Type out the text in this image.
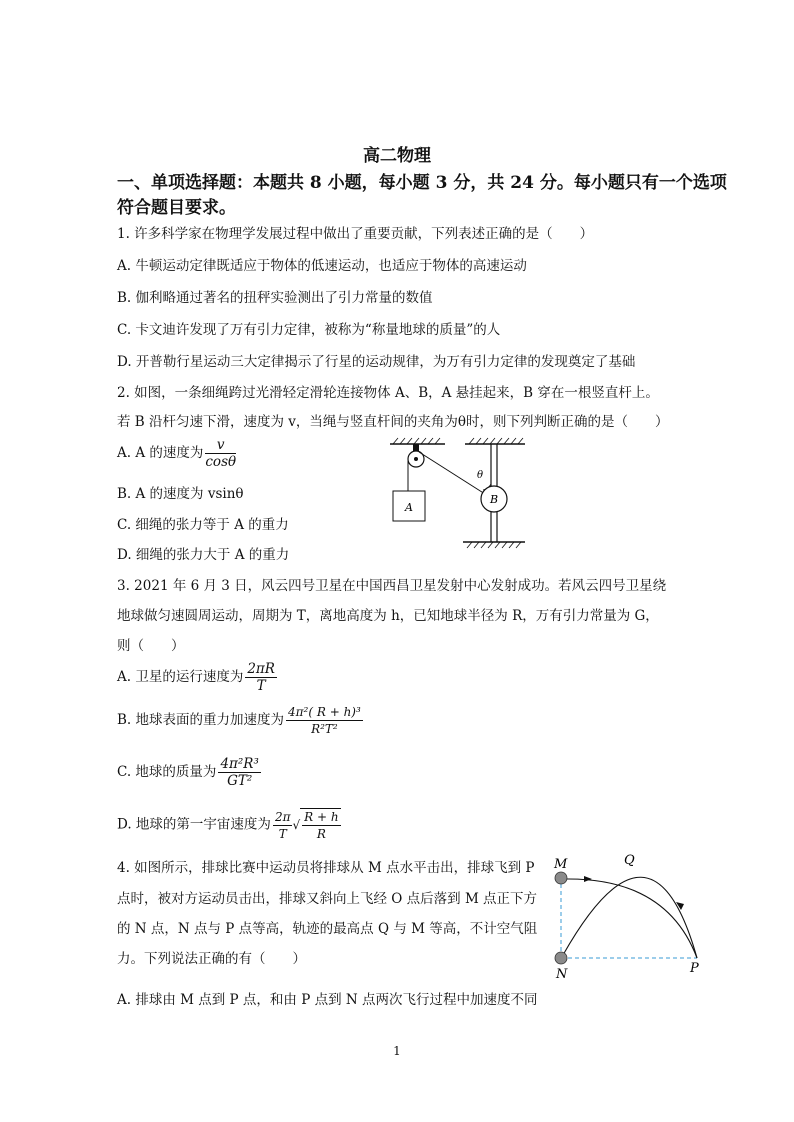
高二物理
一、单项选择题：本题共 8 小题，每小题 3 分，共 24 分。每小题只有一个选项
符合题目要求。
1. 许多科学家在物理学发展过程中做出了重要贡献，下列表述正确的是（　　）
A. 牛顿运动定律既适应于物体的低速运动，也适应于物体的高速运动
B. 伽利略通过著名的扭秤实验测出了引力常量的数值
C. 卡文迪许发现了万有引力定律，被称为“称量地球的质量”的人
D. 开普勒行星运动三大定律揭示了行星的运动规律，为万有引力定律的发现奠定了基础
2. 如图，一条细绳跨过光滑轻定滑轮连接物体 A、B，A 悬挂起来，B 穿在一根竖直杆上。
若 B 沿杆匀速下滑，速度为 v，当绳与竖直杆间的夹角为θ时，则下列判断正确的是（　　）
A. A 的速度为 $\frac{v}{\cos\theta}$
B. A 的速度为 vsinθ
C. 细绳的张力等于 A 的重力
D. 细绳的张力大于 A 的重力
A
θ
B
3. 2021 年 6 月 3 日，风云四号卫星在中国西昌卫星发射中心发射成功。若风云四号卫星绕
地球做匀速圆周运动，周期为 T，离地高度为 h，已知地球半径为 R，万有引力常量为 G，
则（　　）
A. 卫星的运行速度为 $\frac{2\pi R}{T}$
B. 地球表面的重力加速度为 $\frac{\text{4π²( R + h)³}}{\text{R²T²}}$
C. 地球的质量为 $\frac{\text{4π²R³}}{\text{GT²}}$
D. 地球的第一宇宙速度为 $\frac{2\pi}{T}$ √ $\frac{R + h}{R}$
4. 如图所示，排球比赛中运动员将排球从 M 点水平击出，排球飞到 P
点时，被对方运动员击出，排球又斜向上飞经 O 点后落到 M 点正下方
的 N 点，N 点与 P 点等高，轨迹的最高点 Q 与 M 等高，不计空气阻
力。下列说法正确的有（　　）
A. 排球由 M 点到 P 点，和由 P 点到 N 点两次飞行过程中加速度不同
M	Q
N	P
1
